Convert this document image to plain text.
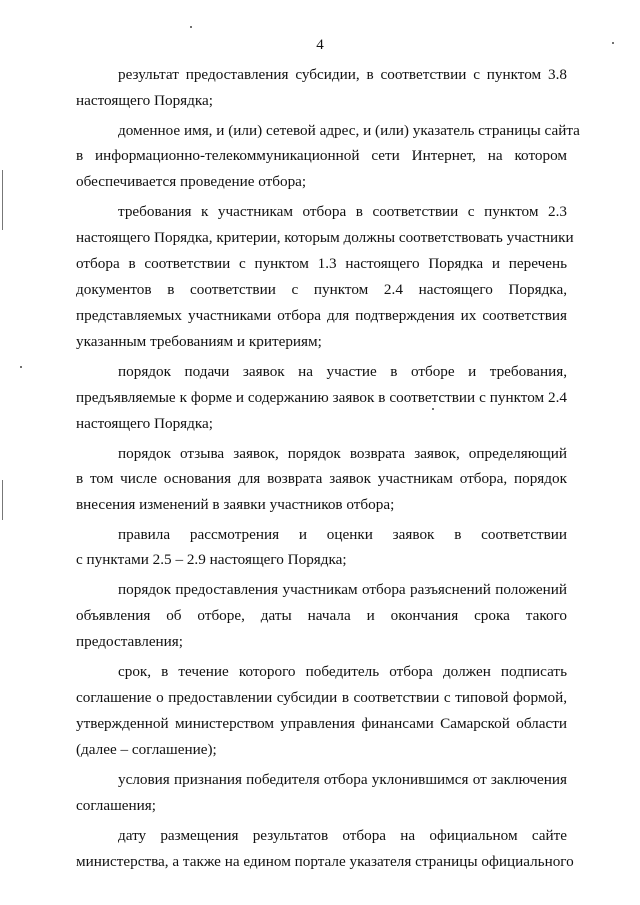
4
результат предоставления субсидии, в соответствии с пунктом 3.8
настоящего Порядка;
доменное имя, и (или) сетевой адрес, и (или) указатель страницы сайта
в информационно-телекоммуникационной сети Интернет, на котором
обеспечивается проведение отбора;
требования к участникам отбора в соответствии с пунктом 2.3
настоящего Порядка, критерии, которым должны соответствовать участники
отбора в соответствии с пунктом 1.3 настоящего Порядка и перечень
документов в соответствии с пунктом 2.4 настоящего Порядка,
представляемых участниками отбора для подтверждения их соответствия
указанным требованиям и критериям;
порядок подачи заявок на участие в отборе и требования,
предъявляемые к форме и содержанию заявок в соответствии с пунктом 2.4
настоящего Порядка;
порядок отзыва заявок, порядок возврата заявок, определяющий
в том числе основания для возврата заявок участникам отбора, порядок
внесения изменений в заявки участников отбора;
правила рассмотрения и оценки заявок в соответствии
с пунктами 2.5 – 2.9 настоящего Порядка;
порядок предоставления участникам отбора разъяснений положений
объявления об отборе, даты начала и окончания срока такого
предоставления;
срок, в течение которого победитель отбора должен подписать
соглашение о предоставлении субсидии в соответствии с типовой формой,
утвержденной министерством управления финансами Самарской области
(далее – соглашение);
условия признания победителя отбора уклонившимся от заключения
соглашения;
дату размещения результатов отбора на официальном сайте
министерства, а также на едином портале указателя страницы официального
